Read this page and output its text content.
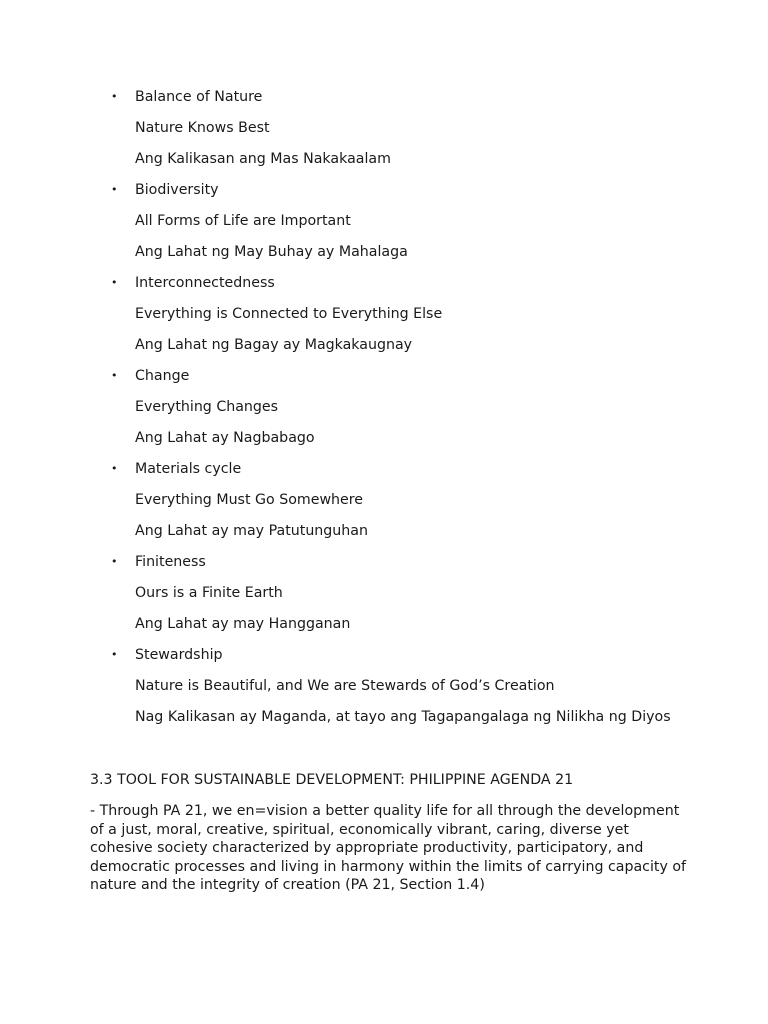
• Balance of Nature
Nature Knows Best
Ang Kalikasan ang Mas Nakakaalam
• Biodiversity
All Forms of Life are Important
Ang Lahat ng May Buhay ay Mahalaga
• Interconnectedness
Everything is Connected to Everything Else
Ang Lahat ng Bagay ay Magkakaugnay
• Change
Everything Changes
Ang Lahat ay Nagbabago
• Materials cycle
Everything Must Go Somewhere
Ang Lahat ay may Patutunguhan
• Finiteness
Ours is a Finite Earth
Ang Lahat ay may Hangganan
• Stewardship
Nature is Beautiful, and We are Stewards of God’s Creation
Nag Kalikasan ay Maganda, at tayo ang Tagapangalaga ng Nilikha ng Diyos
3.3 TOOL FOR SUSTAINABLE DEVELOPMENT: PHILIPPINE AGENDA 21
- Through PA 21, we en=vision a better quality life for all through the development
of a just, moral, creative, spiritual, economically vibrant, caring, diverse yet
cohesive society characterized by appropriate productivity, participatory, and
democratic processes and living in harmony within the limits of carrying capacity of
nature and the integrity of creation (PA 21, Section 1.4)
